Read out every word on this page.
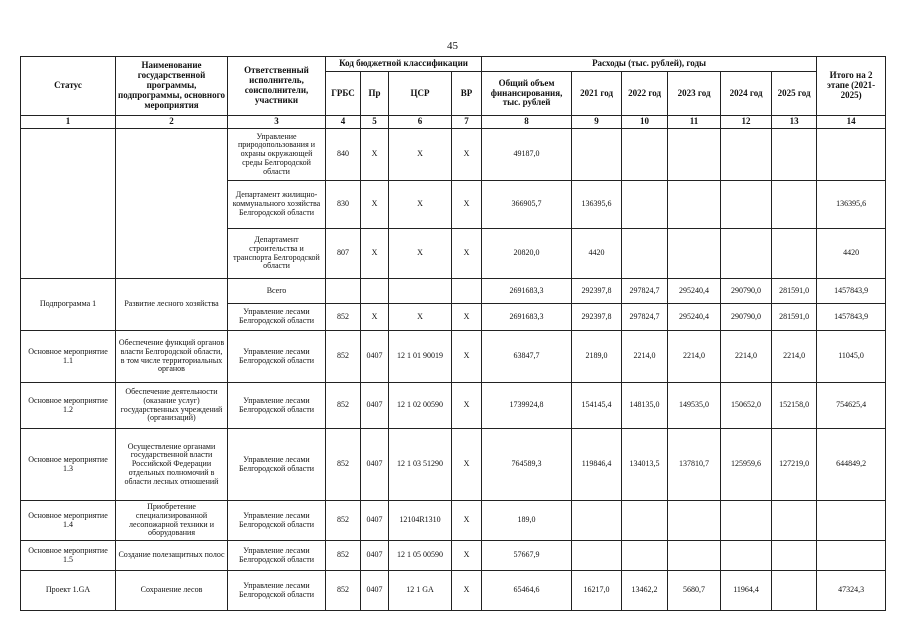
45
Статус	Наименование государственной программы, подпрограммы, основного мероприятия	Ответственный исполнитель, соисполнители, участники	Код бюджетной классификации				Расходы (тыс. рублей), годы						Итого на 2 этапе (2021-2025)
			ГРБС	Пр	ЦСР	ВР	Общий объем финансирования, тыс. рублей	2021 год	2022 год	2023 год	2024 год	2025 год	
1	2	3	4	5	6	7	8	9	10	11	12	13	14
		Управление природопользования и охраны окружающей среды Белгородской области	840	X	X	X	49187,0						
		Департамент жилищно-коммунального хозяйства Белгородской области	830	X	X	X	366905,7	136395,6					136395,6
		Департамент строительства и транспорта Белгородской области	807	X	X	X	20820,0	4420					4420
Подпрограмма 1	Развитие лесного хозяйства	Всего					2691683,3	292397,8	297824,7	295240,4	290790,0	281591,0	1457843,9
		Управление лесами Белгородской области	852	X	X	X	2691683,3	292397,8	297824,7	295240,4	290790,0	281591,0	1457843,9
Основное мероприятие 1.1	Обеспечение функций органов власти Белгородской области, в том числе территориальных органов	Управление лесами Белгородской области	852	0407	12 1 01 90019	X	63847,7	2189,0	2214,0	2214,0	2214,0	2214,0	11045,0
Основное мероприятие 1.2	Обеспечение деятельности (оказание услуг) государственных учреждений (организаций)	Управление лесами Белгородской области	852	0407	12 1 02 00590	X	1739924,8	154145,4	148135,0	149535,0	150652,0	152158,0	754625,4
Основное мероприятие 1.3	Осуществление органами государственной власти Российской Федерации отдельных полномочий в области лесных отношений	Управление лесами Белгородской области	852	0407	12 1 03 51290	X	764589,3	119846,4	134013,5	137810,7	125959,6	127219,0	644849,2
Основное мероприятие 1.4	Приобретение специализированной лесопожарной техники и оборудования	Управление лесами Белгородской области	852	0407	12104R1310	X	189,0						
Основное мероприятие 1.5	Создание полезащитных полос	Управление лесами Белгородской области	852	0407	12 1 05 00590	X	57667,9						
Проект 1.GA	Сохранение лесов	Управление лесами Белгородской области	852	0407	12 1 GA	X	65464,6	16217,0	13462,2	5680,7	11964,4		47324,3
